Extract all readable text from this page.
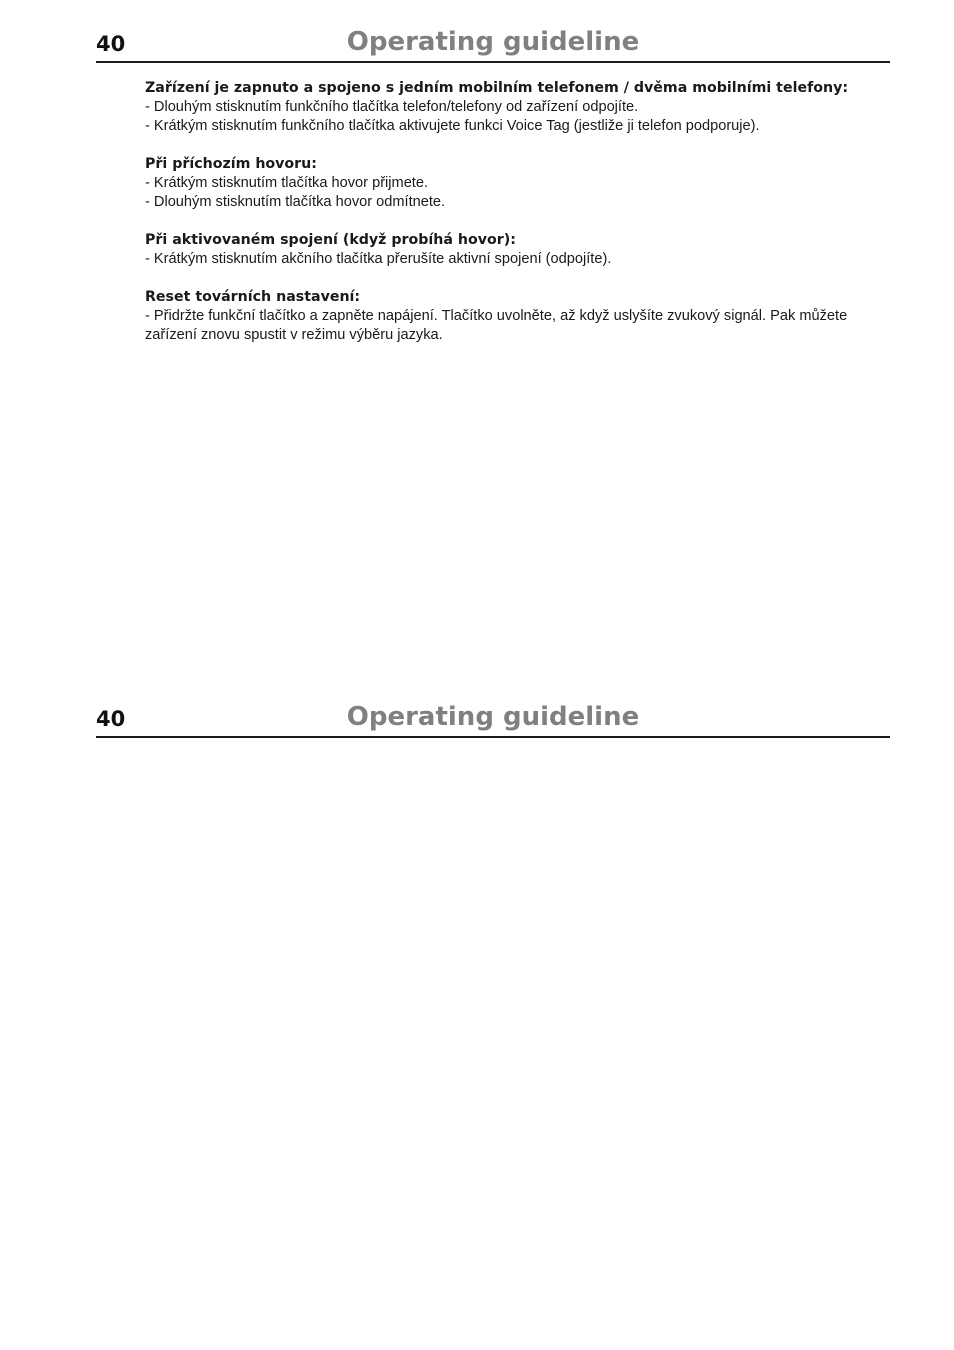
40	Operating guideline
Zařízení je zapnuto a spojeno s jedním mobilním telefonem / dvěma mobilními telefony:
- Dlouhým stisknutím funkčního tlačítka telefon/telefony od zařízení odpojíte.
- Krátkým stisknutím funkčního tlačítka aktivujete funkci Voice Tag (jestliže ji telefon podporuje).
Při příchozím hovoru:
- Krátkým stisknutím tlačítka hovor přijmete.
- Dlouhým stisknutím tlačítka hovor odmítnete.
Při aktivovaném spojení (když probíhá hovor):
- Krátkým stisknutím akčního tlačítka přerušíte aktivní spojení (odpojíte).
Reset továrních nastavení:
- Přidržte funkční tlačítko a zapněte napájení. Tlačítko uvolněte, až když uslyšíte zvukový signál. Pak můžete zařízení znovu spustit v režimu výběru jazyka.
40	Operating guideline
